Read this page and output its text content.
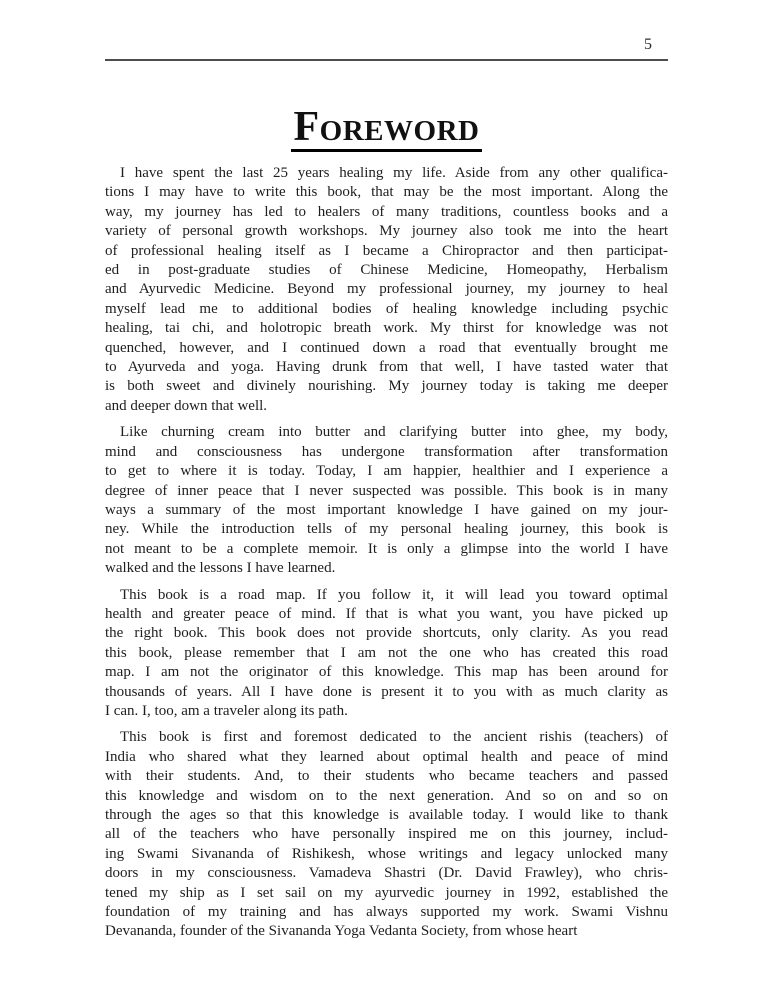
5
Foreword
I have spent the last 25 years healing my life. Aside from any other qualifica-
tions I may have to write this book, that may be the most important. Along the
way, my journey has led to healers of many traditions, countless books and a
variety of personal growth workshops. My journey also took me into the heart
of professional healing itself as I became a Chiropractor and then participat-
ed in post-graduate studies of Chinese Medicine, Homeopathy, Herbalism
and Ayurvedic Medicine. Beyond my professional journey, my journey to heal
myself lead me to additional bodies of healing knowledge including psychic
healing, tai chi, and holotropic breath work. My thirst for knowledge was not
quenched, however, and I continued down a road that eventually brought me
to Ayurveda and yoga. Having drunk from that well, I have tasted water that
is both sweet and divinely nourishing. My journey today is taking me deeper
and deeper down that well.
Like churning cream into butter and clarifying butter into ghee, my body,
mind and consciousness has undergone transformation after transformation
to get to where it is today. Today, I am happier, healthier and I experience a
degree of inner peace that I never suspected was possible. This book is in many
ways a summary of the most important knowledge I have gained on my jour-
ney. While the introduction tells of my personal healing journey, this book is
not meant to be a complete memoir. It is only a glimpse into the world I have
walked and the lessons I have learned.
This book is a road map. If you follow it, it will lead you toward optimal
health and greater peace of mind. If that is what you want, you have picked up
the right book. This book does not provide shortcuts, only clarity. As you read
this book, please remember that I am not the one who has created this road
map. I am not the originator of this knowledge. This map has been around for
thousands of years. All I have done is present it to you with as much clarity as
I can. I, too, am a traveler along its path.
This book is first and foremost dedicated to the ancient rishis (teachers) of
India who shared what they learned about optimal health and peace of mind
with their students. And, to their students who became teachers and passed
this knowledge and wisdom on to the next generation. And so on and so on
through the ages so that this knowledge is available today. I would like to thank
all of the teachers who have personally inspired me on this journey, includ-
ing Swami Sivananda of Rishikesh, whose writings and legacy unlocked many
doors in my consciousness. Vamadeva Shastri (Dr. David Frawley), who chris-
tened my ship as I set sail on my ayurvedic journey in 1992, established the
foundation of my training and has always supported my work. Swami Vishnu
Devananda, founder of the Sivananda Yoga Vedanta Society, from whose heart
